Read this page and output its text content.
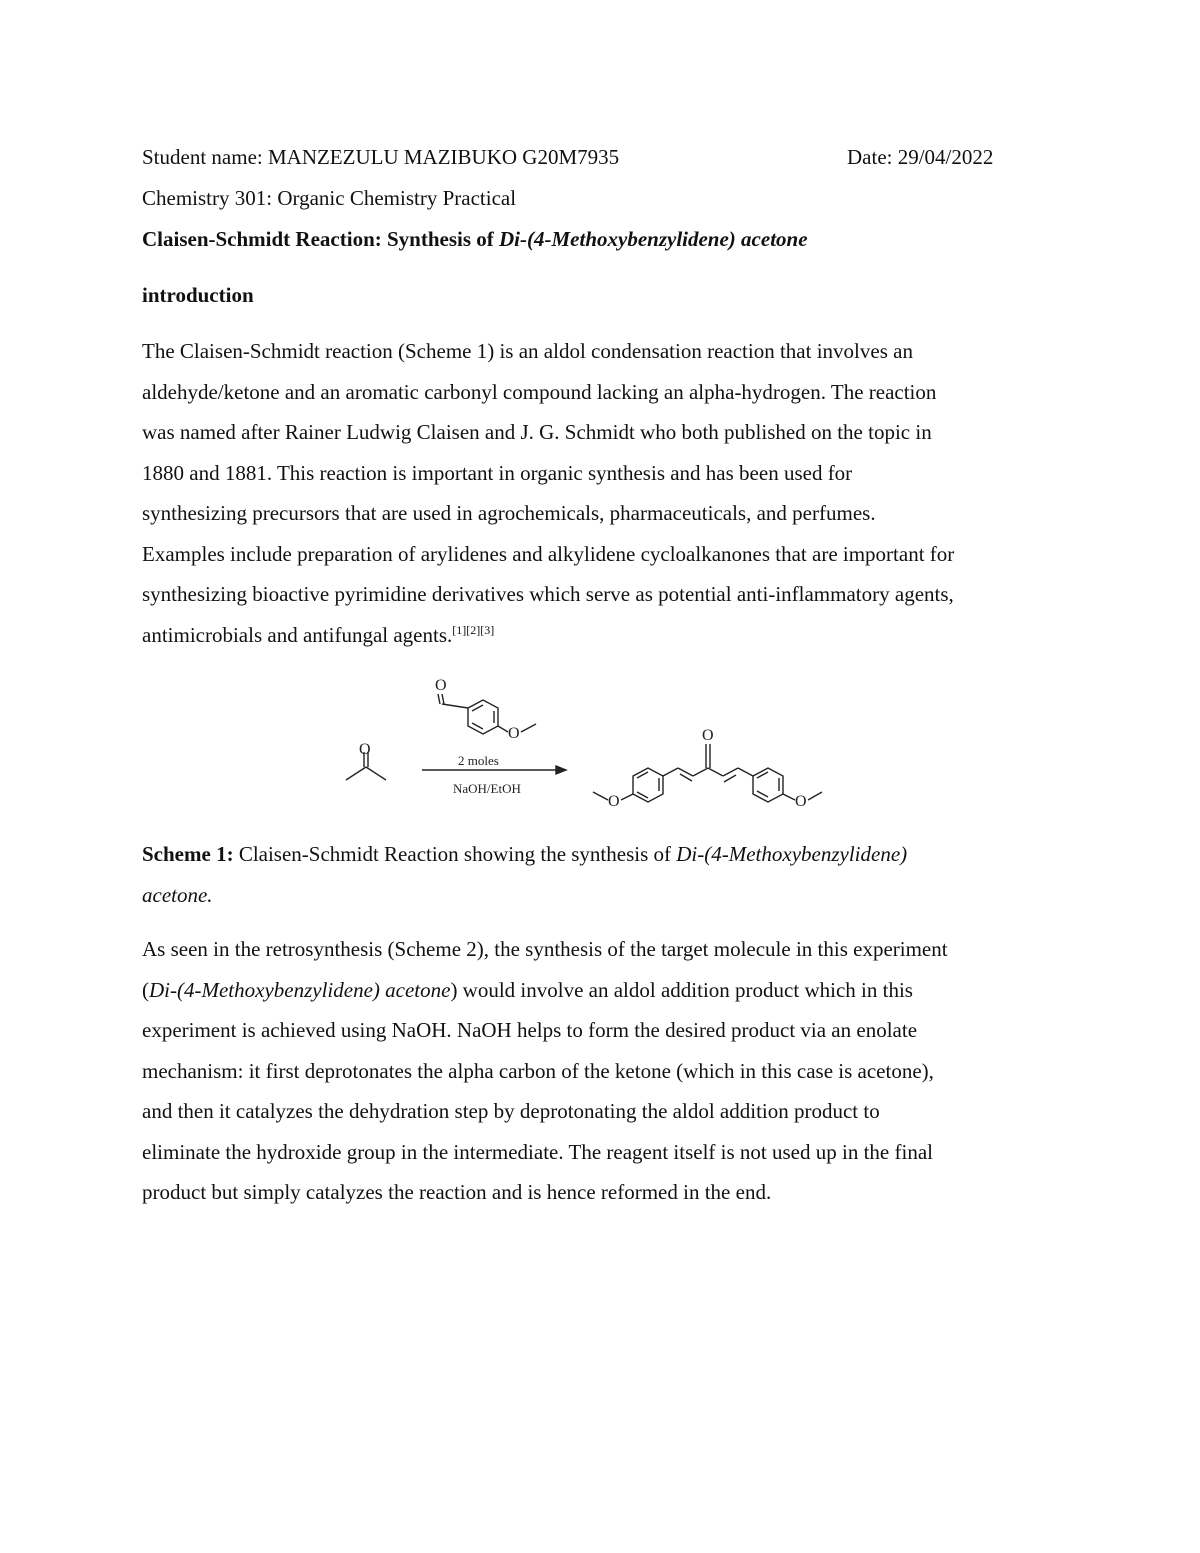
Student name: MANZEZULU MAZIBUKO G20M7935	Date: 29/04/2022
Chemistry 301: Organic Chemistry Practical
Claisen-Schmidt Reaction: Synthesis of Di-(4-Methoxybenzylidene) acetone
introduction
The Claisen-Schmidt reaction (Scheme 1) is an aldol condensation reaction that involves an
aldehyde/ketone and an aromatic carbonyl compound lacking an alpha-hydrogen. The reaction
was named after Rainer Ludwig Claisen and J. G. Schmidt who both published on the topic in
1880 and 1881. This reaction is important in organic synthesis and has been used for
synthesizing precursors that are used in agrochemicals, pharmaceuticals, and perfumes.
Examples include preparation of arylidenes and alkylidene cycloalkanones that are important for
synthesizing bioactive pyrimidine derivatives which serve as potential anti-inflammatory agents,
antimicrobials and antifungal agents.[1][2][3]
O
O
O
2 moles
NaOH/EtOH
O
O
O
Scheme 1: Claisen-Schmidt Reaction showing the synthesis of Di-(4-Methoxybenzylidene)
acetone.
As seen in the retrosynthesis (Scheme 2), the synthesis of the target molecule in this experiment
(Di-(4-Methoxybenzylidene) acetone) would involve an aldol addition product which in this
experiment is achieved using NaOH. NaOH helps to form the desired product via an enolate
mechanism: it first deprotonates the alpha carbon of the ketone (which in this case is acetone),
and then it catalyzes the dehydration step by deprotonating the aldol addition product to
eliminate the hydroxide group in the intermediate. The reagent itself is not used up in the final
product but simply catalyzes the reaction and is hence reformed in the end.
